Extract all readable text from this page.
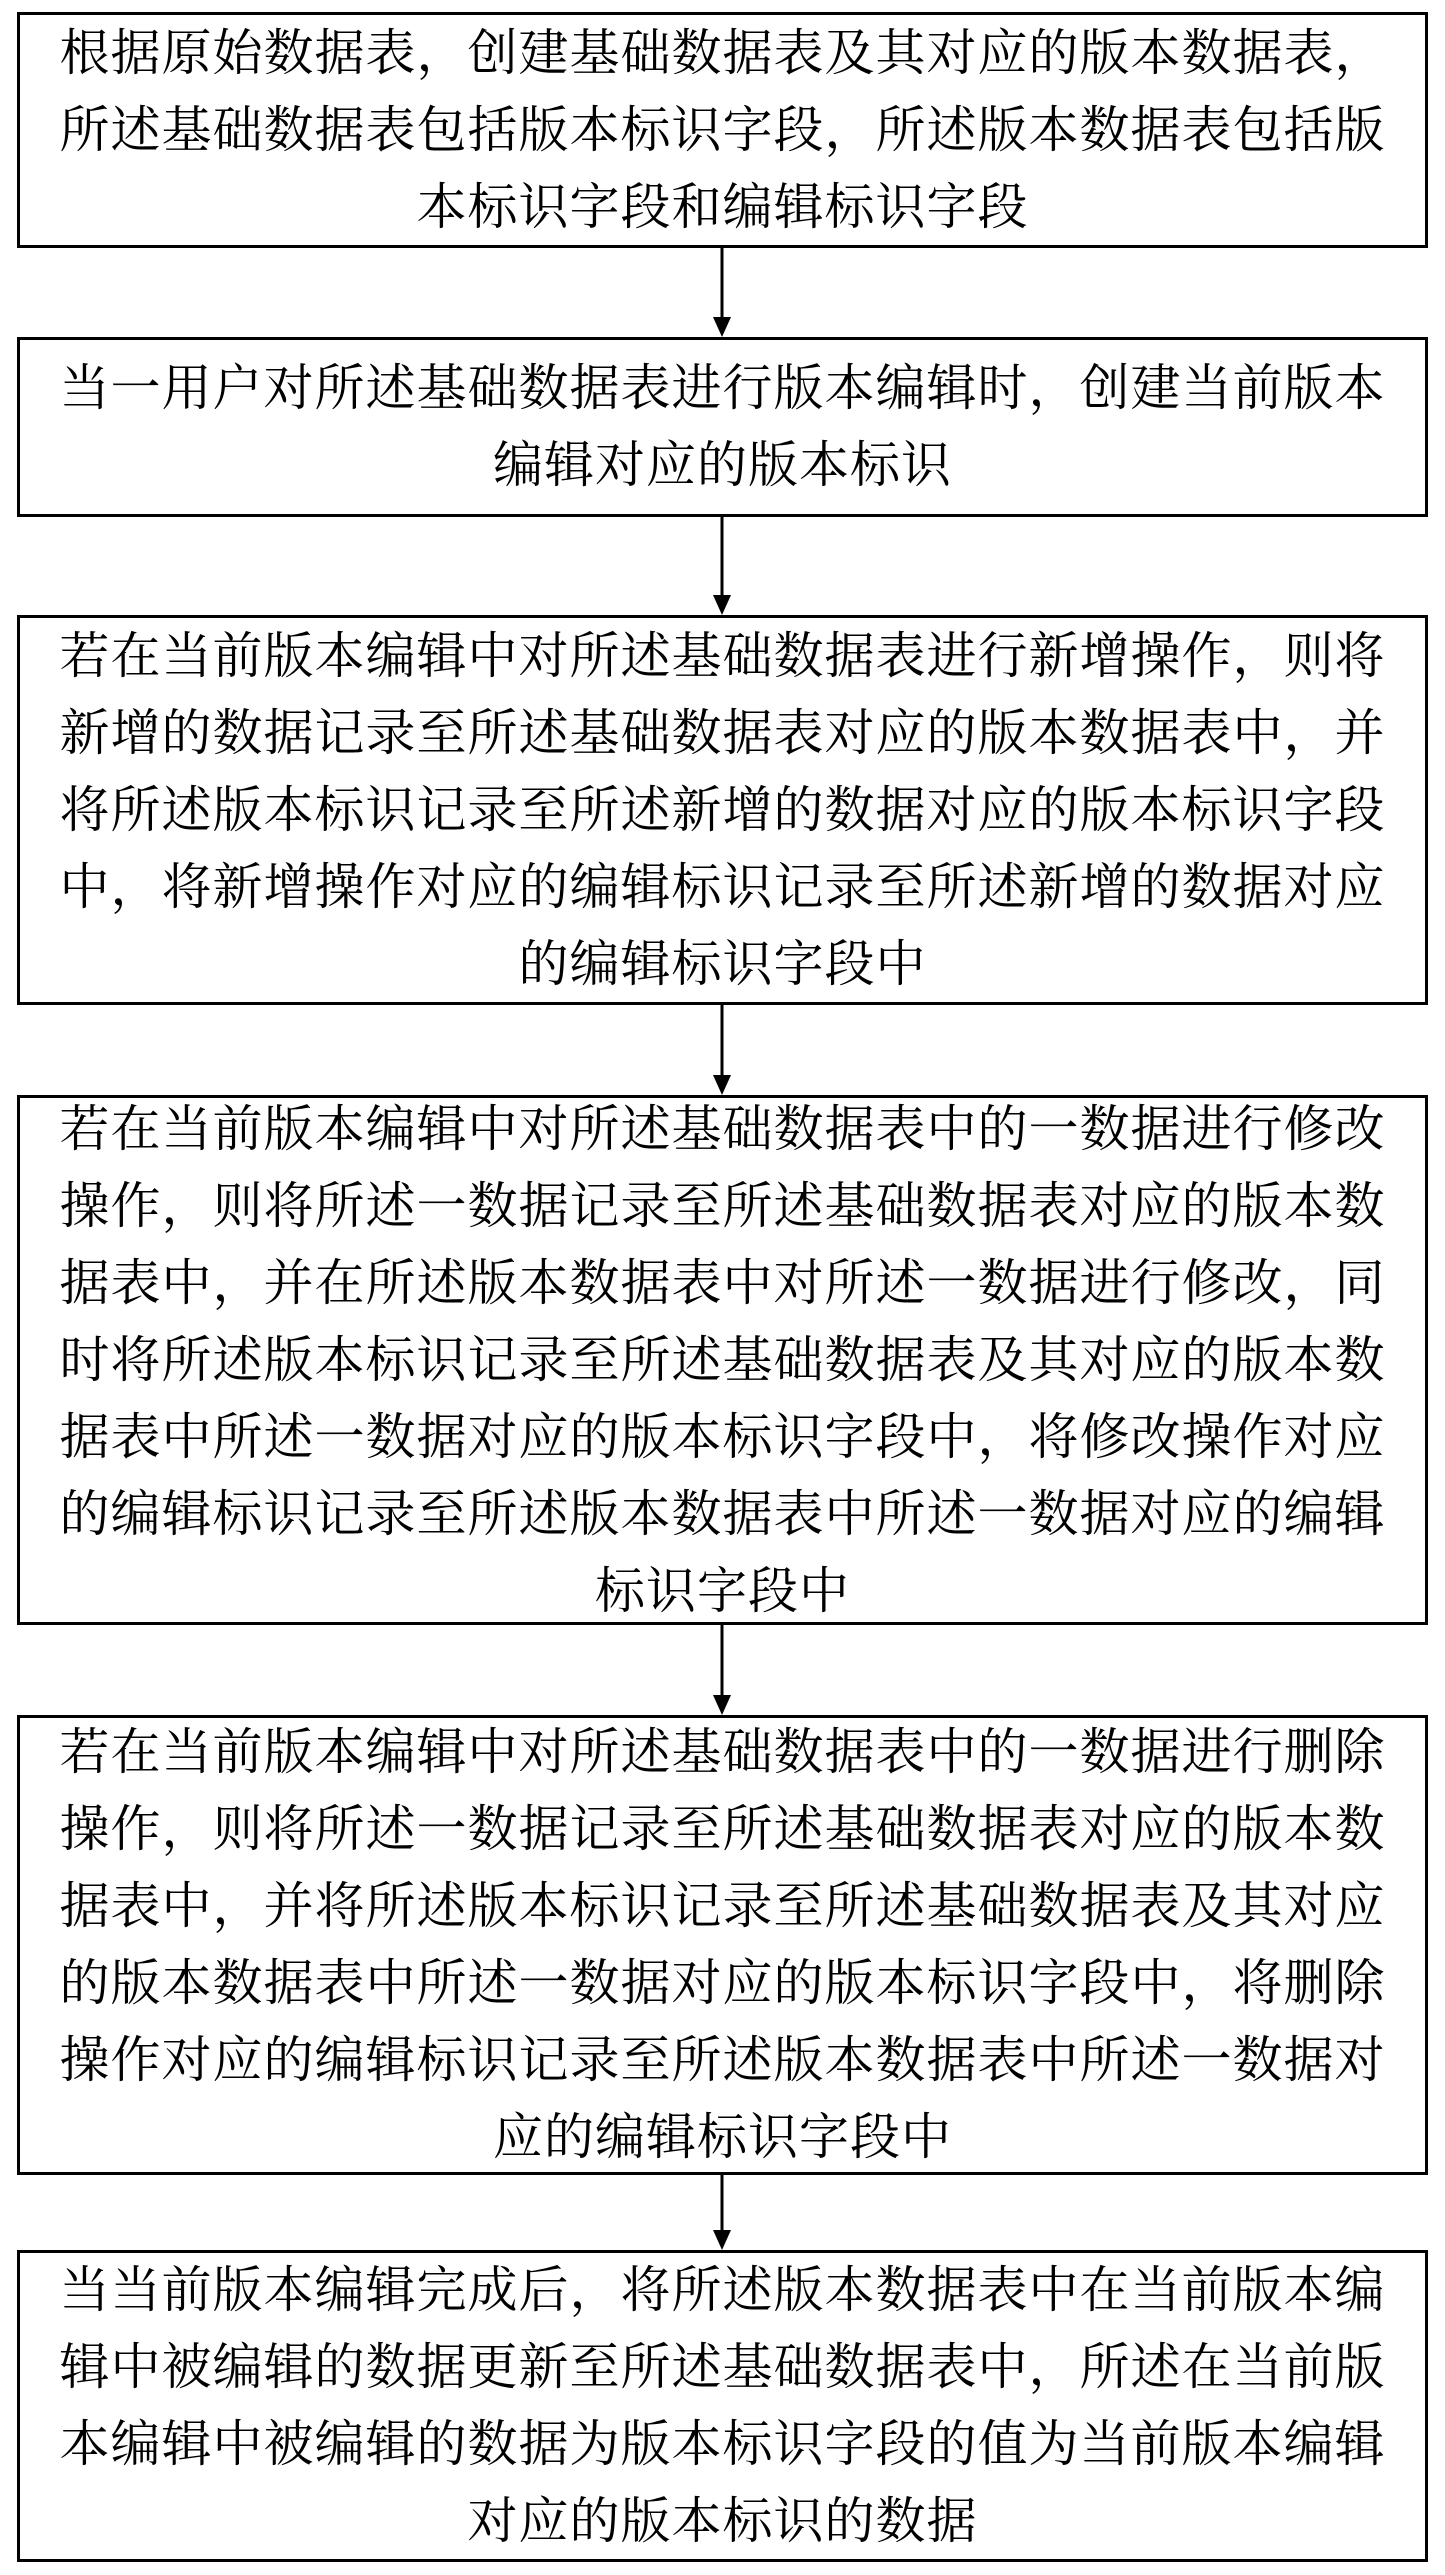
根据原始数据表，创建基础数据表及其对应的版本数据表，所述基础数据表包括版本标识字段，所述版本数据表包括版本标识字段和编辑标识字段
当一用户对所述基础数据表进行版本编辑时，创建当前版本编辑对应的版本标识
若在当前版本编辑中对所述基础数据表进行新增操作，则将新增的数据记录至所述基础数据表对应的版本数据表中，并将所述版本标识记录至所述新增的数据对应的版本标识字段中，将新增操作对应的编辑标识记录至所述新增的数据对应的编辑标识字段中
若在当前版本编辑中对所述基础数据表中的一数据进行修改操作，则将所述一数据记录至所述基础数据表对应的版本数据表中，并在所述版本数据表中对所述一数据进行修改，同时将所述版本标识记录至所述基础数据表及其对应的版本数据表中所述一数据对应的版本标识字段中，将修改操作对应的编辑标识记录至所述版本数据表中所述一数据对应的编辑标识字段中
若在当前版本编辑中对所述基础数据表中的一数据进行删除操作，则将所述一数据记录至所述基础数据表对应的版本数据表中，并将所述版本标识记录至所述基础数据表及其对应的版本数据表中所述一数据对应的版本标识字段中，将删除操作对应的编辑标识记录至所述版本数据表中所述一数据对应的编辑标识字段中
当当前版本编辑完成后，将所述版本数据表中在当前版本编辑中被编辑的数据更新至所述基础数据表中，所述在当前版本编辑中被编辑的数据为版本标识字段的值为当前版本编辑对应的版本标识的数据
